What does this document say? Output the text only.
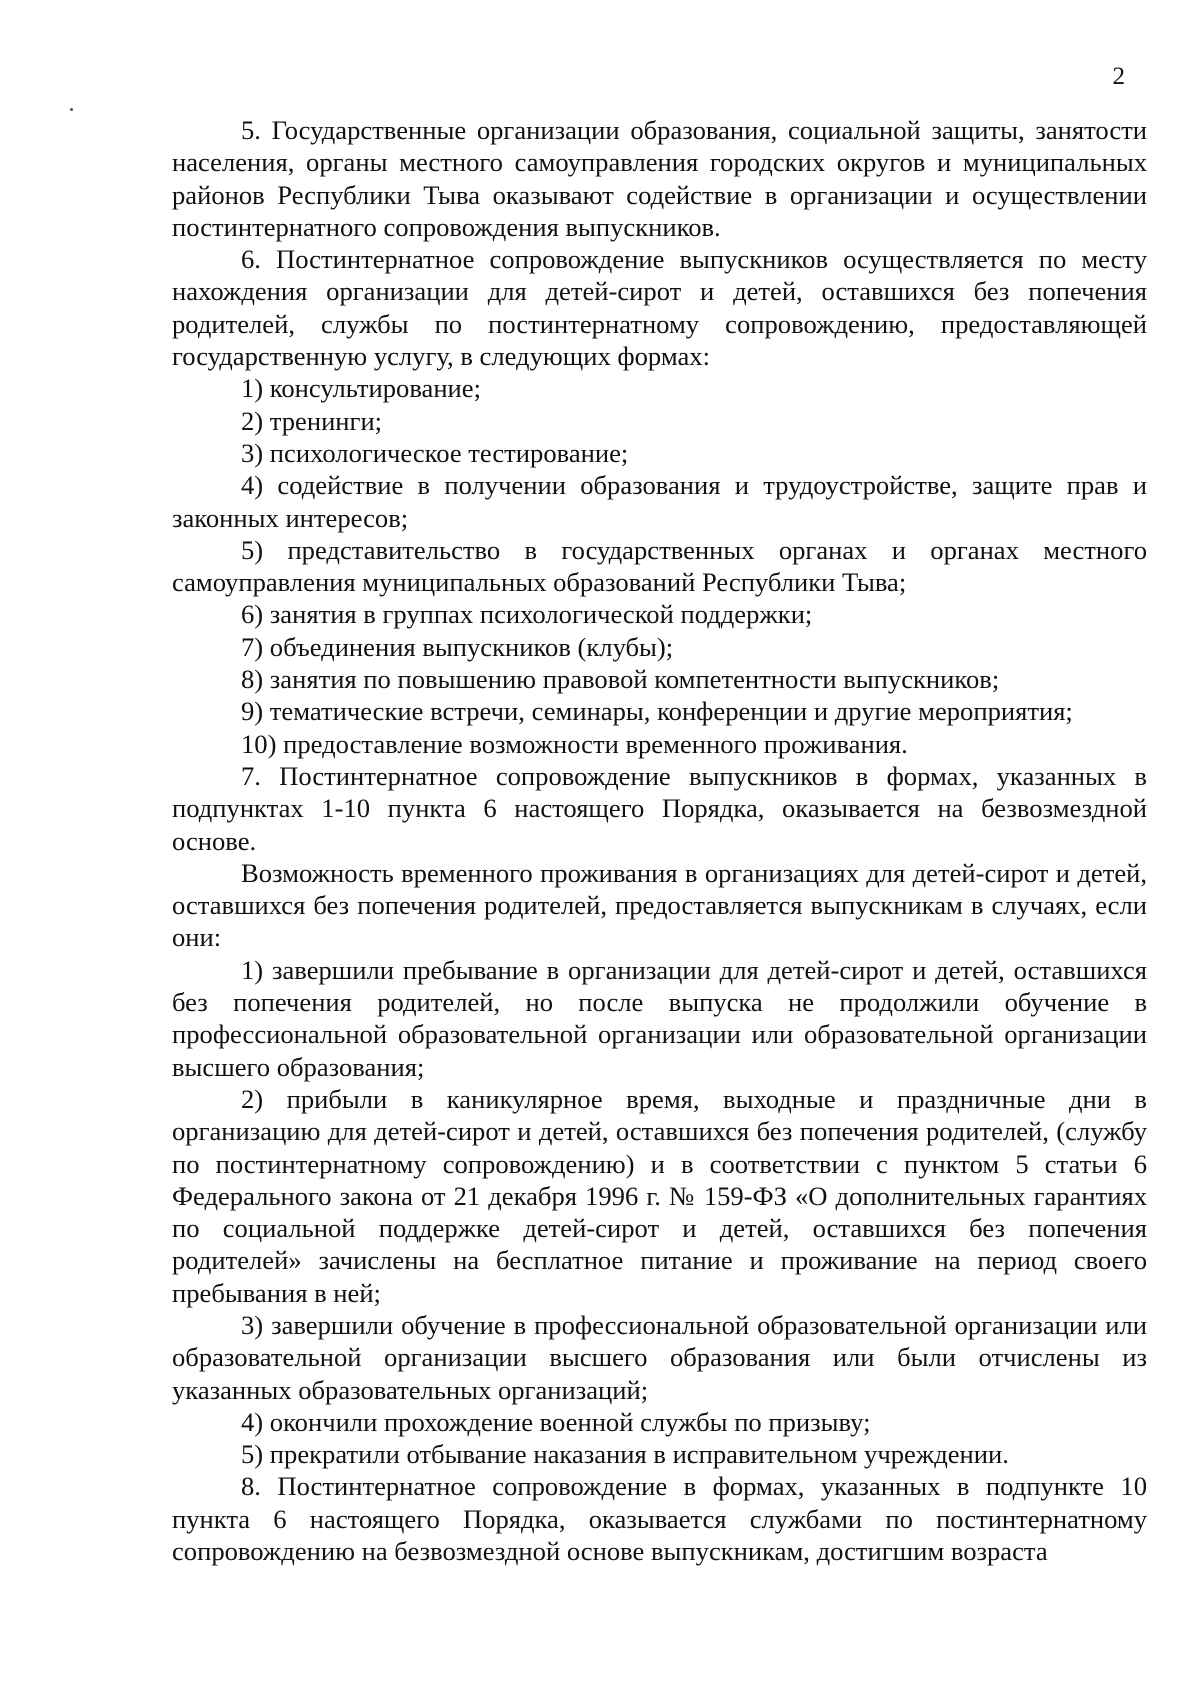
2

5. Государственные организации образования, социальной защиты, занятости населения, органы местного самоуправления городских округов и муниципальных районов Республики Тыва оказывают содействие в организации и осуществлении постинтернатного сопровождения выпускников.

6. Постинтернатное сопровождение выпускников осуществляется по месту нахождения организации для детей-сирот и детей, оставшихся без попечения родителей, службы по постинтернатному сопровождению, предоставляющей государственную услугу, в следующих формах:

1) консультирование;

2) тренинги;

3) психологическое тестирование;

4) содействие в получении образования и трудоустройстве, защите прав и законных интересов;

5) представительство в государственных органах и органах местного самоуправления муниципальных образований Республики Тыва;

6) занятия в группах психологической поддержки;

7) объединения выпускников (клубы);

8) занятия по повышению правовой компетентности выпускников;

9) тематические встречи, семинары, конференции и другие мероприятия;

10) предоставление возможности временного проживания.

7. Постинтернатное сопровождение выпускников в формах, указанных в подпунктах 1-10 пункта 6 настоящего Порядка, оказывается на безвозмездной основе.

Возможность временного проживания в организациях для детей-сирот и детей, оставшихся без попечения родителей, предоставляется выпускникам в случаях, если они:

1) завершили пребывание в организации для детей-сирот и детей, оставшихся без попечения родителей, но после выпуска не продолжили обучение в профессиональной образовательной организации или образовательной организации высшего образования;

2) прибыли в каникулярное время, выходные и праздничные дни в организацию для детей-сирот и детей, оставшихся без попечения родителей, (службу по постинтернатному сопровождению) и в соответствии с пунктом 5 статьи 6 Федерального закона от 21 декабря 1996 г. № 159-ФЗ «О дополнительных гарантиях по социальной поддержке детей-сирот и детей, оставшихся без попечения родителей» зачислены на бесплатное питание и проживание на период своего пребывания в ней;

3) завершили обучение в профессиональной образовательной организации или образовательной организации высшего образования или были отчислены из указанных образовательных организаций;

4) окончили прохождение военной службы по призыву;

5) прекратили отбывание наказания в исправительном учреждении.

8. Постинтернатное сопровождение в формах, указанных в подпункте 10 пункта 6 настоящего Порядка, оказывается службами по постинтернатному сопровождению на безвозмездной основе выпускникам, достигшим возраста
